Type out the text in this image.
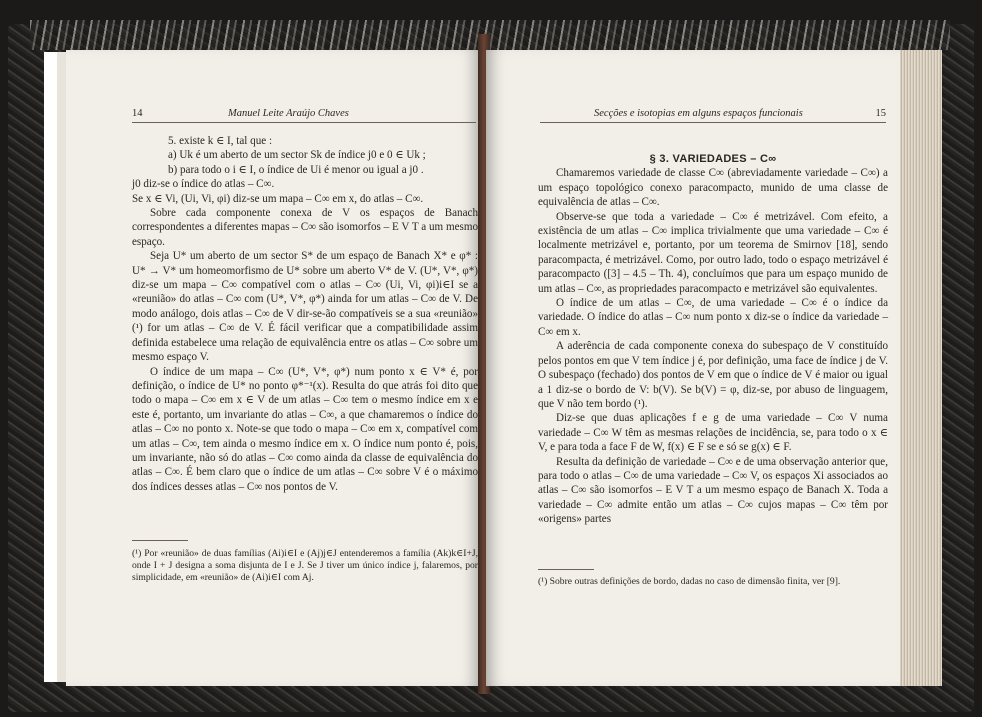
14	Manuel Leite Araújo Chaves

5. existe k ∈ I, tal que :

a) Uk é um aberto de um sector Sk de índice j0 e 0 ∈ Uk ;

b) para todo o i ∈ I, o índice de Ui é menor ou igual a j0 .

j0 diz-se o índice do atlas – C∞.

Se x ∈ Vi, (Ui, Vi, φi) diz-se um mapa – C∞ em x, do atlas – C∞.

Sobre cada componente conexa de V os espaços de Banach correspondentes a diferentes mapas – C∞ são isomorfos – E V T a um mesmo espaço.

Seja U* um aberto de um sector S* de um espaço de Banach X* e φ* : U* → V* um homeomorfismo de U* sobre um aberto V* de V. (U*, V*, φ*) diz-se um mapa – C∞ compatível com o atlas – C∞ (Ui, Vi, φi)i∈I se a «reunião» do atlas – C∞ com (U*, V*, φ*) ainda for um atlas – C∞ de V. De modo análogo, dois atlas – C∞ de V dir-se-ão compatíveis se a sua «reunião» (¹) for um atlas – C∞ de V. É fácil verificar que a compatibilidade assim definida estabelece uma relação de equivalência entre os atlas – C∞ sobre um mesmo espaço V.

O índice de um mapa – C∞ (U*, V*, φ*) num ponto x ∈ V* é, por definição, o índice de U* no ponto φ*⁻¹(x). Resulta do que atrás foi dito que todo o mapa – C∞ em x ∈ V de um atlas – C∞ tem o mesmo índice em x e este é, portanto, um invariante do atlas – C∞, a que chamaremos o índice do atlas – C∞ no ponto x. Note-se que todo o mapa – C∞ em x, compatível com um atlas – C∞, tem ainda o mesmo índice em x. O índice num ponto é, pois, um invariante, não só do atlas – C∞ como ainda da classe de equivalência do atlas – C∞. É bem claro que o índice de um atlas – C∞ sobre V é o máximo dos índices desses atlas – C∞ nos pontos de V.

(¹) Por «reunião» de duas famílias (Ai)i∈I e (Aj)j∈J entenderemos a família (Ak)k∈I+J, onde I + J designa a soma disjunta de I e J. Se J tiver um único índice j, falaremos, por simplicidade, em «reunião» de (Ai)i∈I com Aj.
Secções e isotopias em alguns espaços funcionais	15

§ 3. VARIEDADES – C∞

Chamaremos variedade de classe C∞ (abreviadamente variedade – C∞) a um espaço topológico conexo paracompacto, munido de uma classe de equivalência de atlas – C∞.

Observe-se que toda a variedade – C∞ é metrizável. Com efeito, a existência de um atlas – C∞ implica trivialmente que uma variedade – C∞ é localmente metrizável e, portanto, por um teorema de Smirnov [18], sendo paracompacta, é metrizável. Como, por outro lado, todo o espaço metrizável é paracompacto ([3] – 4.5 – Th. 4), concluímos que para um espaço munido de um atlas – C∞, as propriedades paracompacto e metrizável são equivalentes.

O índice de um atlas – C∞, de uma variedade – C∞ é o índice da variedade. O índice do atlas – C∞ num ponto x diz-se o índice da variedade – C∞ em x.

A aderência de cada componente conexa do subespaço de V constituído pelos pontos em que V tem índice j é, por definição, uma face de índice j de V. O subespaço (fechado) dos pontos de V em que o índice de V é maior ou igual a 1 diz-se o bordo de V: b(V). Se b(V) = φ, diz-se, por abuso de linguagem, que V não tem bordo (¹).

Diz-se que duas aplicações f e g de uma variedade – C∞ V numa variedade – C∞ W têm as mesmas relações de incidência, se, para todo o x ∈ V, e para toda a face F de W, f(x) ∈ F se e só se g(x) ∈ F.

Resulta da definição de variedade – C∞ e de uma observação anterior que, para todo o atlas – C∞ de uma variedade – C∞ V, os espaços Xi associados ao atlas – C∞ são isomorfos – E V T a um mesmo espaço de Banach X. Toda a variedade – C∞ admite então um atlas – C∞ cujos mapas – C∞ têm por «origens» partes

(¹) Sobre outras definições de bordo, dadas no caso de dimensão finita, ver [9].
